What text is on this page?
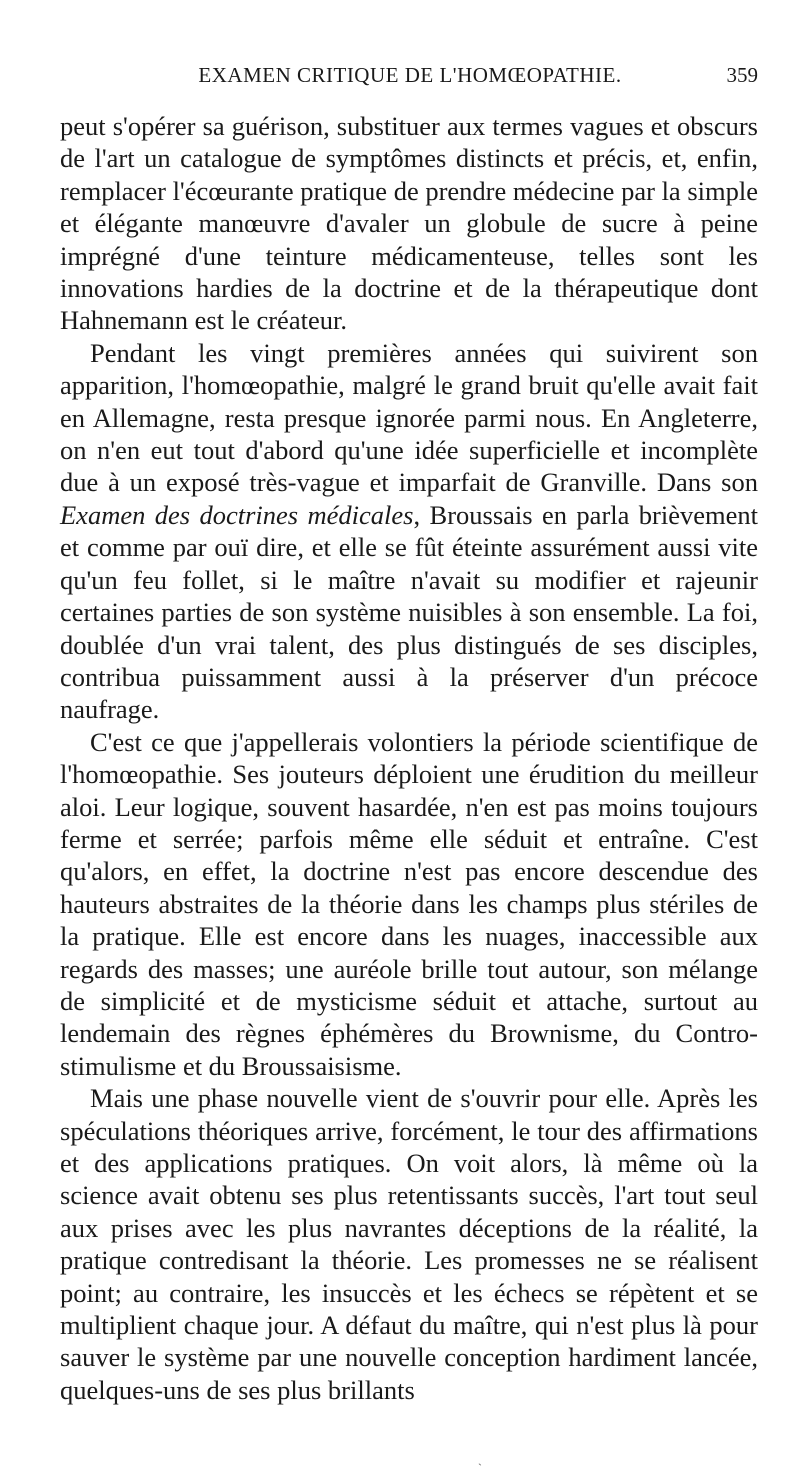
EXAMEN CRITIQUE DE L'HOMŒOPATHIE.	359

peut s'opérer sa guérison, substituer aux termes vagues et obscurs de l'art un catalogue de symptômes distincts et précis, et, enfin, remplacer l'écœurante pratique de prendre médecine par la simple et élégante manœuvre d'avaler un globule de sucre à peine imprégné d'une teinture médicamenteuse, telles sont les innovations hardies de la doctrine et de la thérapeutique dont Hahnemann est le créateur.

Pendant les vingt premières années qui suivirent son apparition, l'homœopathie, malgré le grand bruit qu'elle avait fait en Allemagne, resta presque ignorée parmi nous. En Angleterre, on n'en eut tout d'abord qu'une idée superficielle et incomplète due à un exposé très-vague et imparfait de Granville. Dans son Examen des doctrines médicales, Broussais en parla brièvement et comme par ouï dire, et elle se fût éteinte assurément aussi vite qu'un feu follet, si le maître n'avait su modifier et rajeunir certaines parties de son système nuisibles à son ensemble. La foi, doublée d'un vrai talent, des plus distingués de ses disciples, contribua puissamment aussi à la préserver d'un précoce naufrage.

C'est ce que j'appellerais volontiers la période scientifique de l'homœopathie. Ses jouteurs déploient une érudition du meilleur aloi. Leur logique, souvent hasardée, n'en est pas moins toujours ferme et serrée; parfois même elle séduit et entraîne. C'est qu'alors, en effet, la doctrine n'est pas encore descendue des hauteurs abstraites de la théorie dans les champs plus stériles de la pratique. Elle est encore dans les nuages, inaccessible aux regards des masses; une auréole brille tout autour, son mélange de simplicité et de mysticisme séduit et attache, surtout au lendemain des règnes éphémères du Brownisme, du Contro-stimulisme et du Broussaisisme.

Mais une phase nouvelle vient de s'ouvrir pour elle. Après les spéculations théoriques arrive, forcément, le tour des affirmations et des applications pratiques. On voit alors, là même où la science avait obtenu ses plus retentissants succès, l'art tout seul aux prises avec les plus navrantes déceptions de la réalité, la pratique contredisant la théorie. Les promesses ne se réalisent point; au contraire, les insuccès et les échecs se répètent et se multiplient chaque jour. A défaut du maître, qui n'est plus là pour sauver le système par une nouvelle conception hardiment lancée, quelques-uns de ses plus brillants

ˏ
